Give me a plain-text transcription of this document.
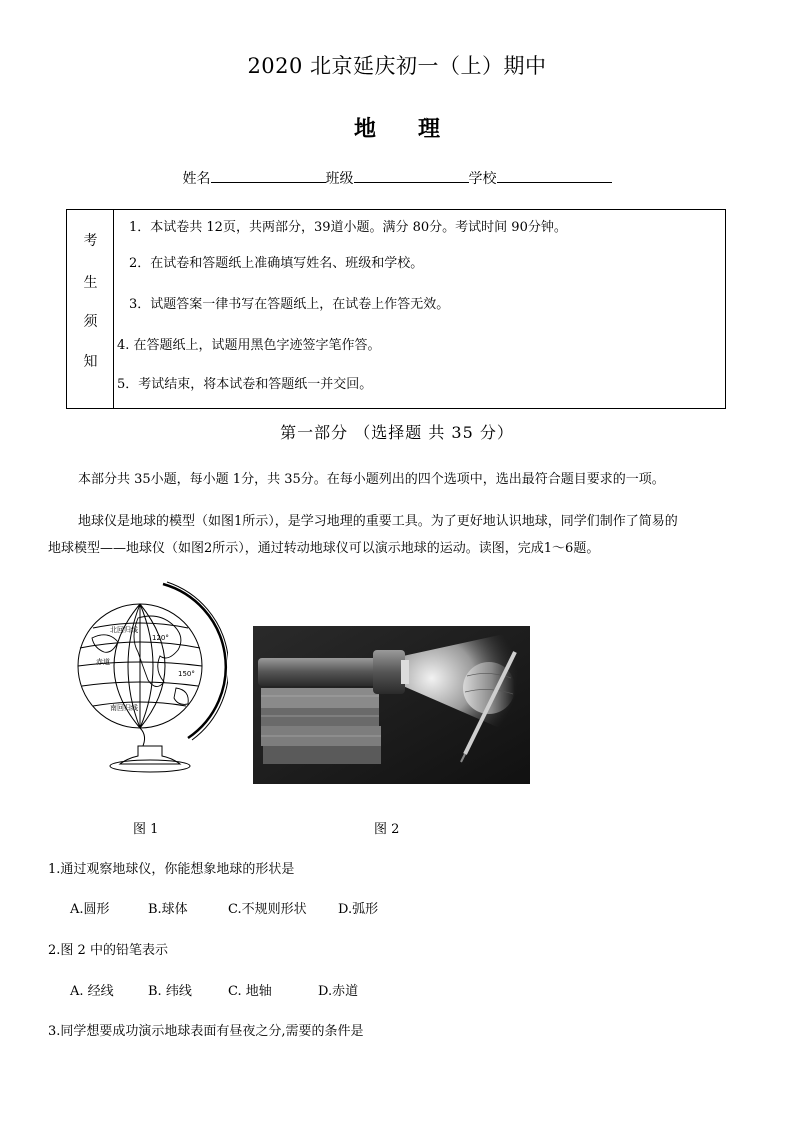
2020 北京延庆初一（上）期中
地理
姓名	班级	学校
考
生
须
知
1．本试卷共 12页，共两部分，39道小题。满分 80分。考试时间 90分钟。
2．在试卷和答题纸上准确填写姓名、班级和学校。
3．试题答案一律书写在答题纸上，在试卷上作答无效。
4. 在答题纸上，试题用黑色字迹签字笔作答。
5．考试结束，将本试卷和答题纸一并交回。
第一部分 （选择题 共 35 分）
本部分共 35小题，每小题 1分，共 35分。在每小题列出的四个选项中，选出最符合题目要求的一项。
地球仪是地球的模型（如图1所示），是学习地理的重要工具。为了更好地认识地球，同学们制作了简易的
地球模型——地球仪（如图2所示），通过转动地球仪可以演示地球的运动。读图，完成1～6题。
北回归线
赤道
南回归线
120°
150°
图 1	图 2
1.通过观察地球仪，你能想象地球的形状是
A.圆形	B.球体	C.不规则形状 D.弧形
2.图 2 中的铅笔表示
A. 经线	B. 纬线	C. 地轴	D.赤道
3.同学想要成功演示地球表面有昼夜之分,需要的条件是
